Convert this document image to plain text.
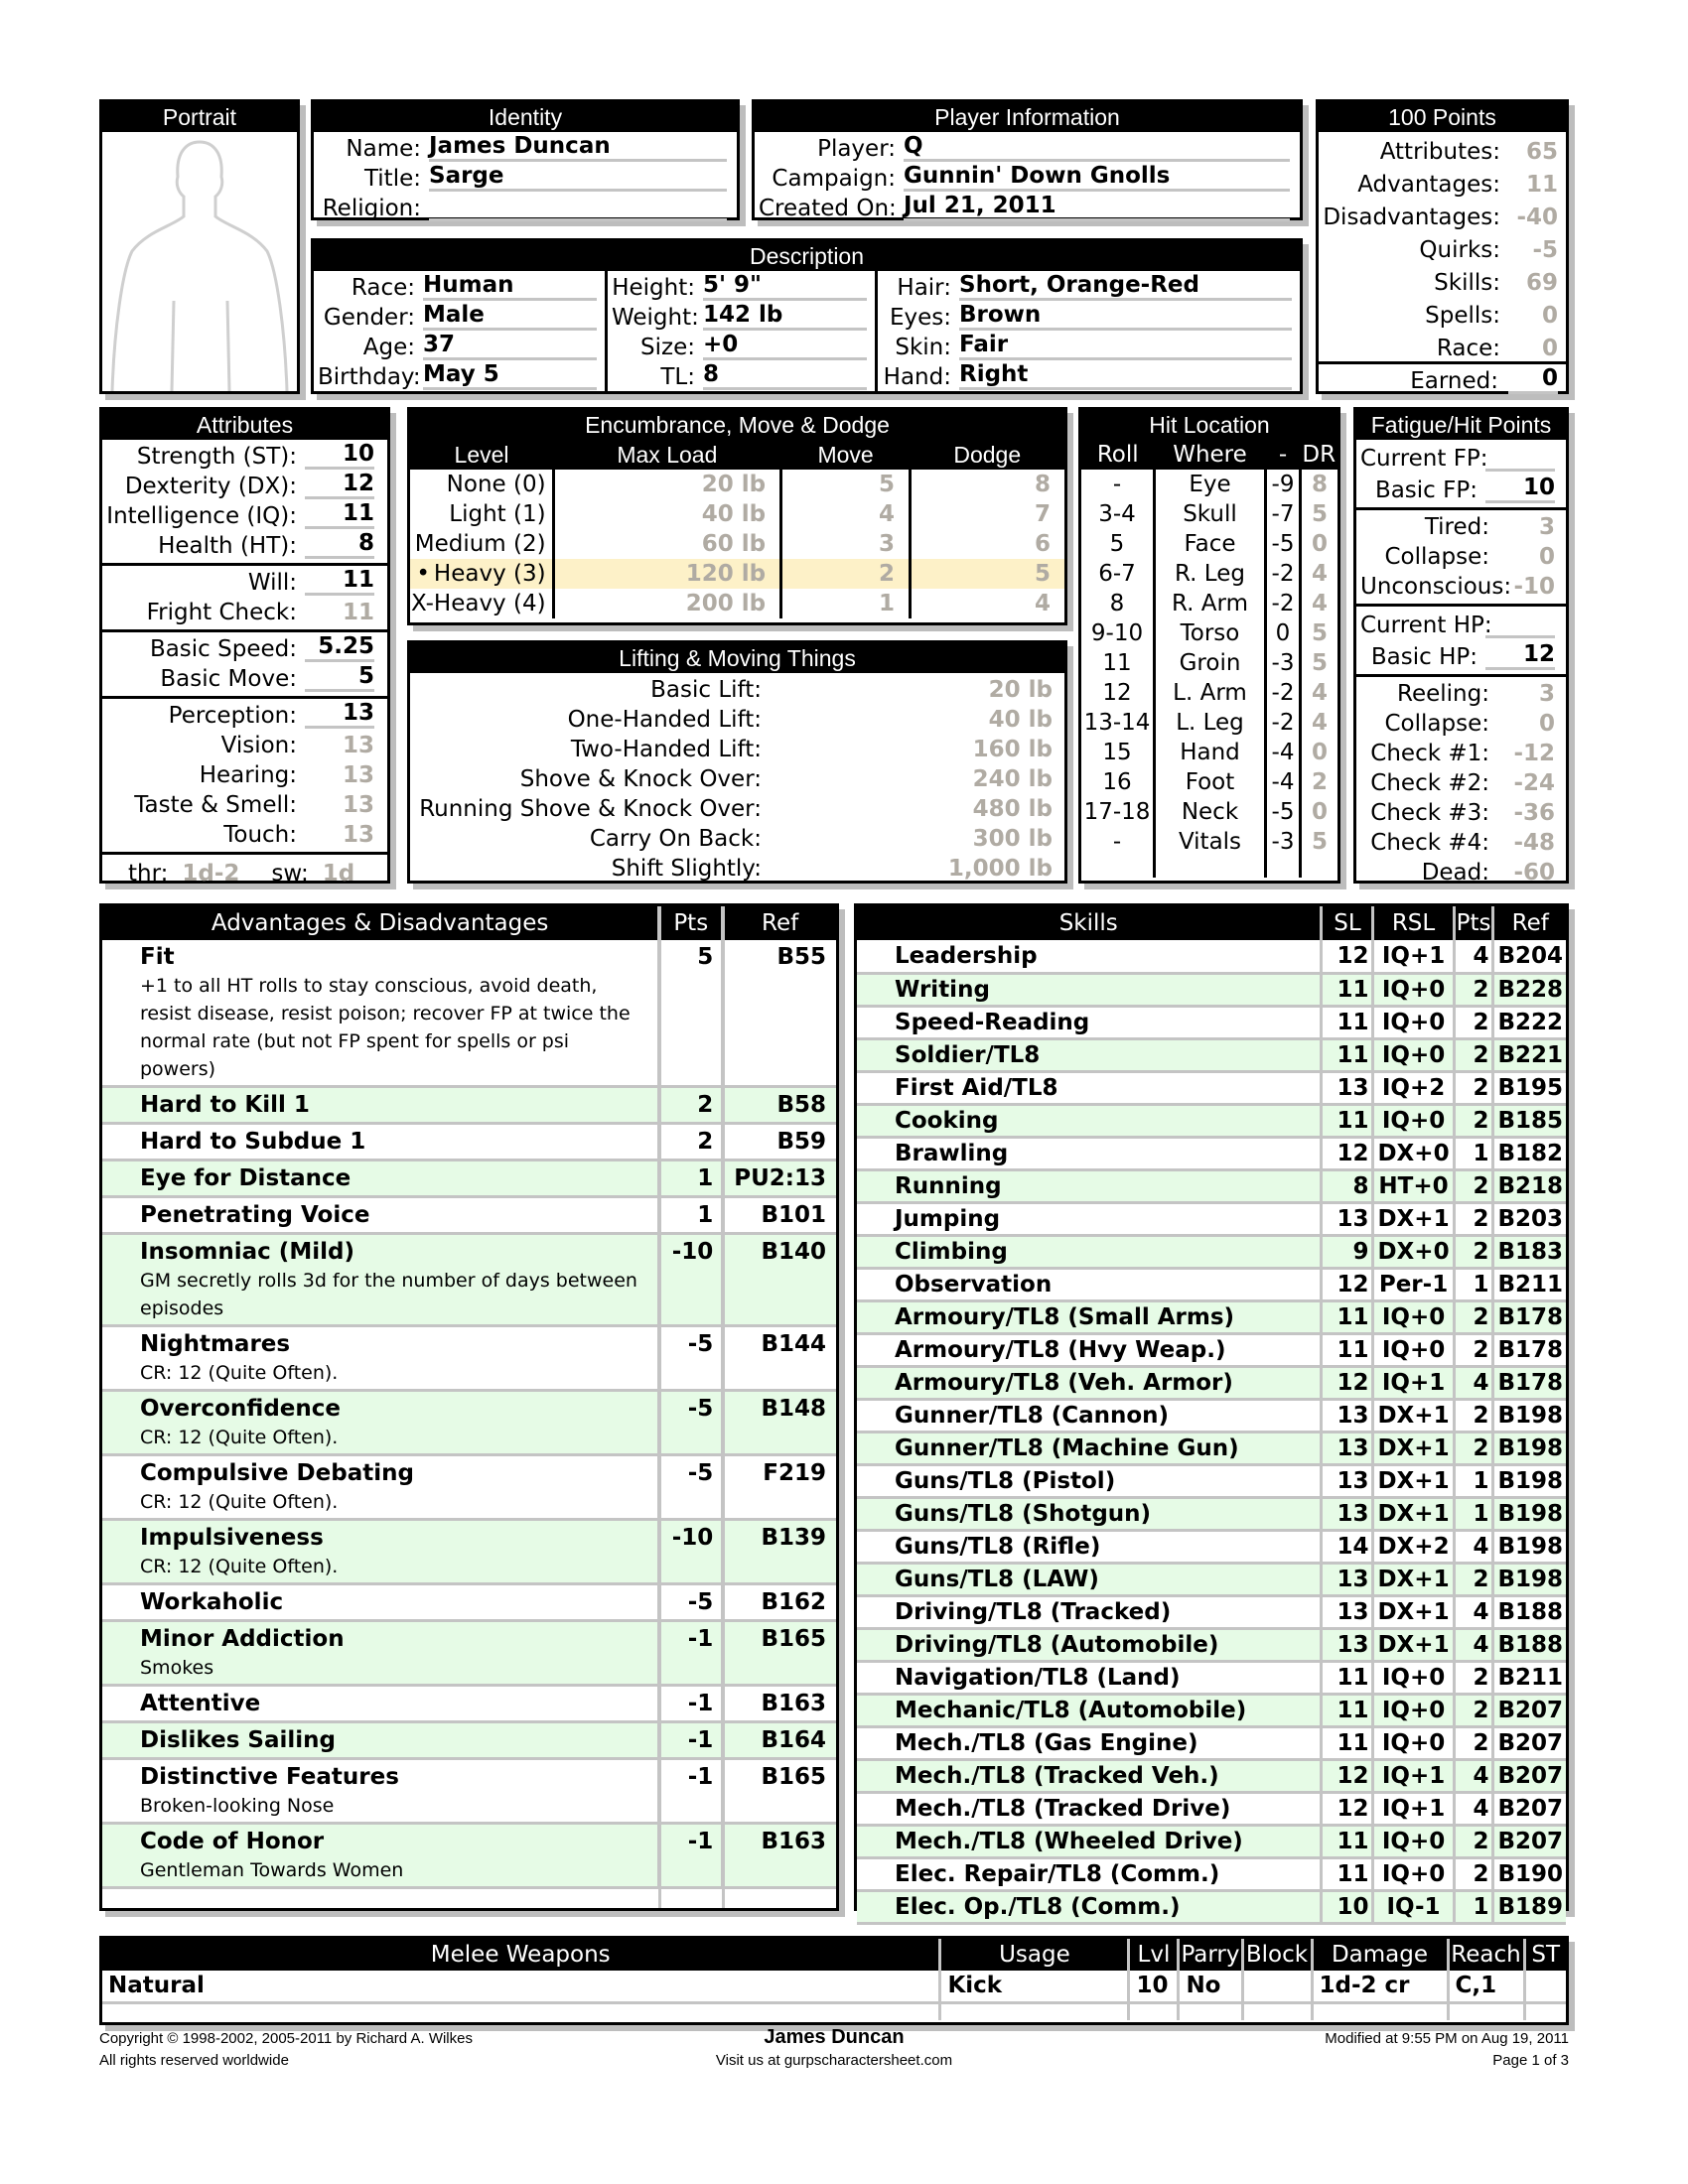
Portrait	Identity
Name: James Duncan
Title: Sarge
Religion:
Player Information
Player: Q
Campaign: Gunnin' Down Gnolls
Created On: Jul 21, 2011
100 Points
Attributes:	65
Advantages:	11
Disadvantages: -40
Quirks:	-5
Skills:	69
Spells:	0
Race:	0
Earned:	0
Description
Race: Human
Gender: Male
Age: 37
Birthday: May 5
Height: 5' 9"
Weight: 142 lb
Size: +0
TL: 8
Hair: Short, Orange-Red
Eyes: Brown
Skin: Fair
Hand: Right
Attributes
Strength (ST):	10
Dexterity (DX):	12
Intelligence (IQ):	11
Health (HT):	8
Will:	11
Fright Check:	11
Basic Speed: 5.25
Basic Move:	5
Perception:	13
Vision:	13
Hearing:	13
Taste & Smell:	13
Touch:	13
thr: 1d-2	sw: 1d
Encumbrance, Move & Dodge
Level	Max Load	Move	Dodge
None (0)	20 lb	5	8
Light (1)	40 lb	4	7
Medium (2)	60 lb	3	6
• Heavy (3)	120 lb	2	5
X-Heavy (4)	200 lb	1	4
Lifting & Moving Things
Basic Lift:	20 lb
One-Handed Lift:	40 lb
Two-Handed Lift:	160 lb
Shove & Knock Over:	240 lb
Running Shove & Knock Over:	480 lb
Carry On Back:	300 lb
Shift Slightly:	1,000 lb
Hit Location
Roll	Where	-	DR
-	Eye	-9	8
3-4	Skull	-7	5
5	Face	-5	0
6-7	R. Leg	-2	4
8	R. Arm	-2	4
9-10	Torso	0	5
11	Groin	-3	5
12	L. Arm	-2	4
13-14	L. Leg	-2	4
15	Hand	-4	0
16	Foot	-4	2
17-18	Neck	-5	0
-	Vitals	-3	5

Fatigue/Hit Points
Current FP:
Basic FP:	10
Tired:	3
Collapse:	0
Unconscious: -10
Current HP:
Basic HP:	12
Reeling:	3
Collapse:	0
Check #1:	-12
Check #2:	-24
Check #3:	-36
Check #4:	-48
Dead:	-60
Advantages & Disadvantages	Pts	Ref

Fit
+1 to all HT rolls to stay conscious, avoid death, resist disease, resist poison; recover FP at twice the normal rate (but not FP spent for spells or psi powers)	5	B55

Hard to Kill 1	2	B58

Hard to Subdue 1	2	B59

Eye for Distance	1	PU2:13

Penetrating Voice	1	B101

Insomniac (Mild)
GM secretly rolls 3d for the number of days between episodes	-10	B140

Nightmares
CR: 12 (Quite Often).	-5	B144

Overconfidence
CR: 12 (Quite Often).	-5	B148

Compulsive Debating
CR: 12 (Quite Often).	-5	F219

Impulsiveness
CR: 12 (Quite Often).	-10	B139

Workaholic	-5	B162

Minor Addiction
Smokes	-1	B165

Attentive	-1	B163

Dislikes Sailing	-1	B164

Distinctive Features
Broken-looking Nose	-1	B165

Code of Honor
Gentleman Towards Women	-1	B163
Skills	SL	RSL	Pts	Ref
Leadership	12	IQ+1	4	B204
Writing	11	IQ+0	2	B228
Speed-Reading	11	IQ+0	2	B222
Soldier/TL8	11	IQ+0	2	B221
First Aid/TL8	13	IQ+2	2	B195
Cooking	11	IQ+0	2	B185
Brawling	12	DX+0	1	B182
Running	8	HT+0	2	B218
Jumping	13	DX+1	2	B203
Climbing	9	DX+0	2	B183
Observation	12	Per-1	1	B211
Armoury/TL8 (Small Arms)	11	IQ+0	2	B178
Armoury/TL8 (Hvy Weap.)	11	IQ+0	2	B178
Armoury/TL8 (Veh. Armor)	12	IQ+1	4	B178
Gunner/TL8 (Cannon)	13	DX+1	2	B198
Gunner/TL8 (Machine Gun)	13	DX+1	2	B198
Guns/TL8 (Pistol)	13	DX+1	1	B198
Guns/TL8 (Shotgun)	13	DX+1	1	B198
Guns/TL8 (Rifle)	14	DX+2	4	B198
Guns/TL8 (LAW)	13	DX+1	2	B198
Driving/TL8 (Tracked)	13	DX+1	4	B188
Driving/TL8 (Automobile)	13	DX+1	4	B188
Navigation/TL8 (Land)	11	IQ+0	2	B211
Mechanic/TL8 (Automobile)	11	IQ+0	2	B207
Mech./TL8 (Gas Engine)	11	IQ+0	2	B207
Mech./TL8 (Tracked Veh.)	12	IQ+1	4	B207
Mech./TL8 (Tracked Drive)	12	IQ+1	4	B207
Mech./TL8 (Wheeled Drive)	11	IQ+0	2	B207
Elec. Repair/TL8 (Comm.)	11	IQ+0	2	B190
Elec. Op./TL8 (Comm.)	10	IQ-1	1	B189
Melee Weapons	Usage	Lvl	Parry	Block	Damage	Reach	ST
Natural	Kick	10	No		1d-2 cr	C,1	

Copyright © 1998-2002, 2005-2011 by Richard A. Wilkes
All rights reserved worldwide
James Duncan
Visit us at gurpscharactersheet.com
Modified at 9:55 PM on Aug 19, 2011
Page 1 of 3
